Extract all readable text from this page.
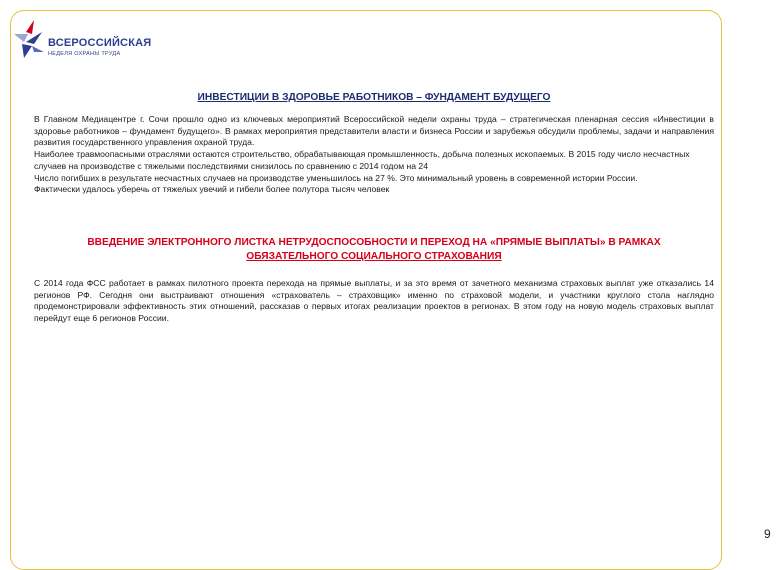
ВСЕРОССИЙСКАЯ
НЕДЕЛЯ ОХРАНЫ ТРУДА
ИНВЕСТИЦИИ В ЗДОРОВЬЕ РАБОТНИКОВ – ФУНДАМЕНТ БУДУЩЕГО

В Главном Медиацентре г. Сочи прошло одно из ключевых мероприятий Всероссийской недели охраны труда – стратегическая пленарная сессия «Инвестиции в здоровье работников – фундамент будущего». В рамках мероприятия представители власти и бизнеса России и зарубежья обсудили проблемы, задачи и направления развития государственного управления охраной труда.

Наиболее травмоопасными отраслями остаются строительство, обрабатывающая промышленность, добыча полезных ископаемых. В 2015 году число несчастных случаев на производстве с тяжелыми последствиями снизилось по сравнению с 2014 годом на 24

Число погибших в результате несчастных случаев на производстве уменьшилось на 27 %. Это минимальный уровень в современной истории России.

Фактически удалось уберечь от тяжелых увечий и гибели более полутора тысяч человек

ВВЕДЕНИЕ ЭЛЕКТРОННОГО ЛИСТКА НЕТРУДОСПОСОБНОСТИ И ПЕРЕХОД НА «ПРЯМЫЕ ВЫПЛАТЫ» В РАМКАХ
ОБЯЗАТЕЛЬНОГО СОЦИАЛЬНОГО СТРАХОВАНИЯ
С 2014 года ФСС работает в рамках пилотного проекта перехода на прямые выплаты, и за это время от зачетного механизма страховых выплат уже отказались 14 регионов РФ. Сегодня они выстраивают отношения «страхователь – страховщик» именно по страховой модели, и участники круглого стола наглядно продемонстрировали эффективность этих отношений, рассказав о первых итогах реализации проектов в регионах. В этом году на новую модель страховых выплат перейдут еще 6 регионов России.
9
